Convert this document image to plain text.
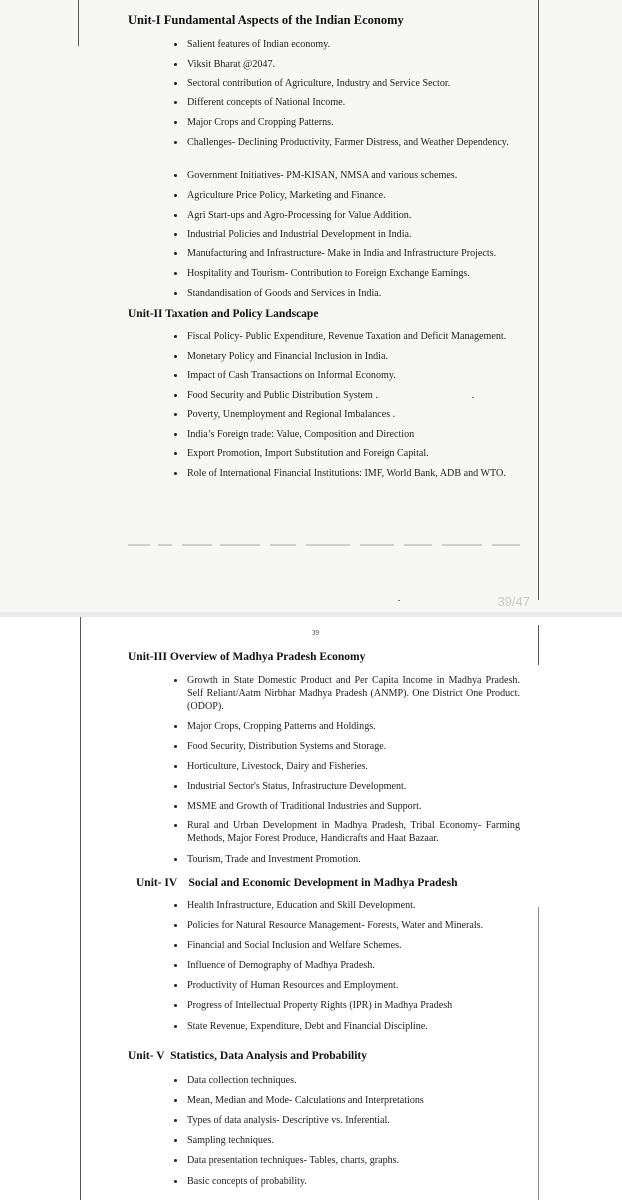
Unit-I Fundamental Aspects of the Indian Economy
Salient features of Indian economy.
Viksit Bharat @2047.
Sectoral contribution of Agriculture, Industry and Service Sector.
Different concepts of National Income.
Major Crops and Cropping Patterns.
Challenges- Declining Productivity, Farmer Distress, and Weather Dependency.
Government Initiatives- PM-KISAN, NMSA and various schemes.
Agriculture Price Policy, Marketing and Finance.
Agri Start-ups and Agro-Processing for Value Addition.
Industrial Policies and Industrial Development in India.
Manufacturing and Infrastructure- Make in India and Infrastructure Projects.
Hospitality and Tourism- Contribution to Foreign Exchange Earnings.
Standandisation of Goods and Services in India.
Unit-II Taxation and Policy Landscape
Fiscal Policy- Public Expenditure, Revenue Taxation and Deficit Management.
Monetary Policy and Financial Inclusion in India.
Impact of Cash Transactions on Informal Economy.
Food Security and Public Distribution System .
Poverty, Unemployment and Regional Imbalances .
India’s Foreign trade: Value, Composition and Direction
Export Promotion, Import Substitution and Foreign Capital.
Role of International Financial Institutions: IMF, World Bank, ADB and WTO.
39/47
39
Unit-III Overview of Madhya Pradesh Economy
Growth in State Domestic Product and Per Capita Income in Madhya Pradesh. Self Reliant/Aatm Nirbhar Madhya Pradesh (ANMP). One District One Product. (ODOP).
Major Crops, Cropping Patterns and Holdings.
Food Security, Distribution Systems and Storage.
Horticulture, Livestock, Dairy and Fisheries.
Industrial Sector's Status, Infrastructure Development.
MSME and Growth of Traditional Industries and Support.
Rural and Urban Development in Madhya Pradesh, Tribal Economy- Farming Methods, Major Forest Produce, Handicrafts and Haat Bazaar.
Tourism, Trade and Investment Promotion.
Unit- IV    Social and Economic Development in Madhya Pradesh
Health Infrastructure, Education and Skill Development.
Policies for Natural Resource Management- Forests, Water and Minerals.
Financial and Social Inclusion and Welfare Schemes.
Influence of Demography of Madhya Pradesh.
Productivity of Human Resources and Employment.
Progress of Intellectual Property Rights (IPR) in Madhya Pradesh
State Revenue, Expenditure, Debt and Financial Discipline.
Unit- V  Statistics, Data Analysis and Probability
Data collection techniques.
Mean, Median and Mode- Calculations and Interpretations
Types of data analysis- Descriptive vs. Inferential.
Sampling techniques.
Data presentation techniques- Tables, charts, graphs.
Basic concepts of probability.
